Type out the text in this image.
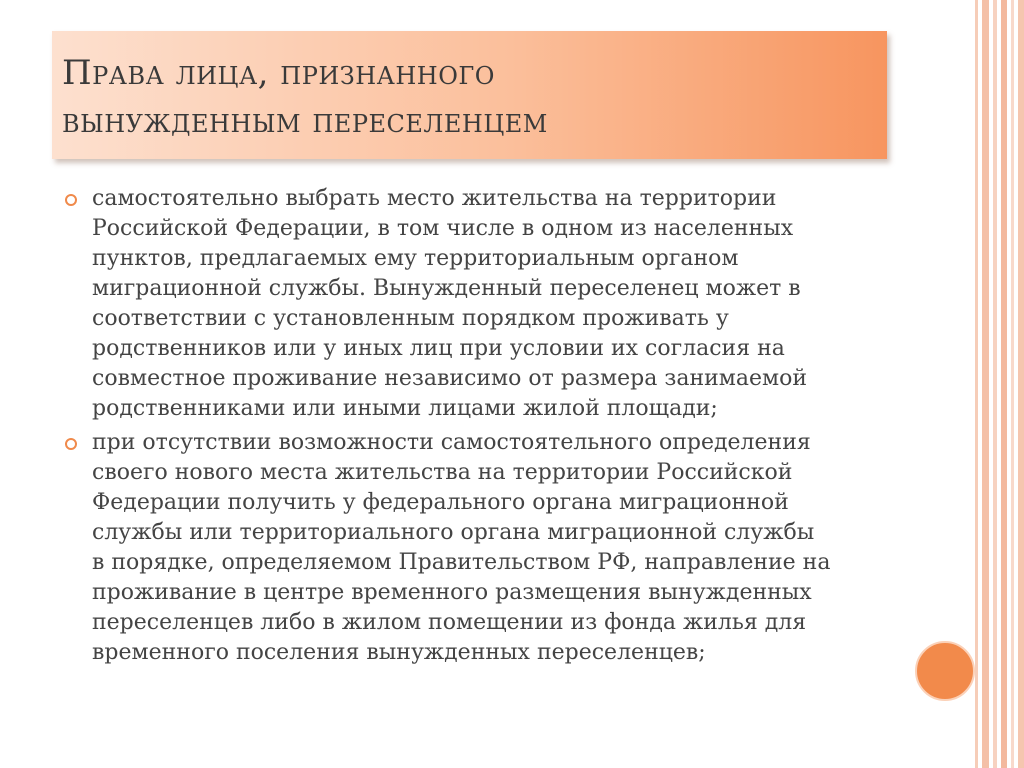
Права лица, признанного
вынужденным переселенцем
самостоятельно выбрать место жительства на территории
Российской Федерации, в том числе в одном из населенных
пунктов, предлагаемых ему территориальным органом
миграционной службы. Вынужденный переселенец может в
соответствии с установленным порядком проживать у
родственников или у иных лиц при условии их согласия на
совместное проживание независимо от размера занимаемой
родственниками или иными лицами жилой площади;
при отсутствии возможности самостоятельного определения
своего нового места жительства на территории Российской
Федерации получить у федерального органа миграционной
службы или территориального органа миграционной службы
в порядке, определяемом Правительством РФ, направление на
проживание в центре временного размещения вынужденных
переселенцев либо в жилом помещении из фонда жилья для
временного поселения вынужденных переселенцев;
